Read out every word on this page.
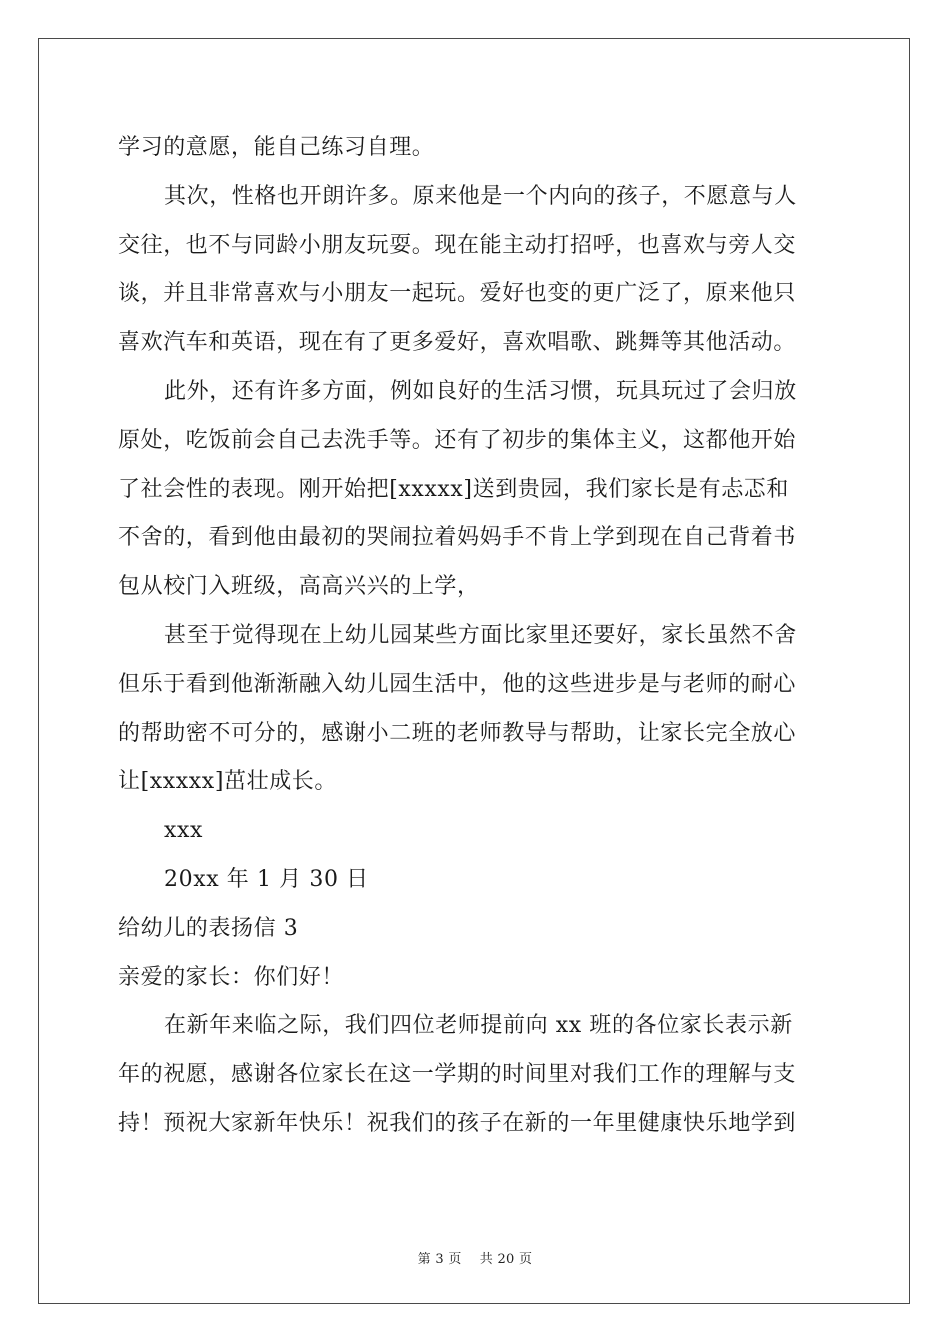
学习的意愿，能自己练习自理。
其次，性格也开朗许多。原来他是一个内向的孩子，不愿意与人
交往，也不与同龄小朋友玩耍。现在能主动打招呼，也喜欢与旁人交
谈，并且非常喜欢与小朋友一起玩。爱好也变的更广泛了，原来他只
喜欢汽车和英语，现在有了更多爱好，喜欢唱歌、跳舞等其他活动。
此外，还有许多方面，例如良好的生活习惯，玩具玩过了会归放
原处，吃饭前会自己去洗手等。还有了初步的集体主义，这都他开始
了社会性的表现。刚开始把[xxxxx]送到贵园，我们家长是有忐忑和
不舍的，看到他由最初的哭闹拉着妈妈手不肯上学到现在自己背着书
包从校门入班级，高高兴兴的上学，
甚至于觉得现在上幼儿园某些方面比家里还要好，家长虽然不舍
但乐于看到他渐渐融入幼儿园生活中，他的这些进步是与老师的耐心
的帮助密不可分的，感谢小二班的老师教导与帮助，让家长完全放心
让[xxxxx]茁壮成长。
xxx
20xx 年 1 月 30 日
给幼儿的表扬信 3
亲爱的家长：你们好！
在新年来临之际，我们四位老师提前向 xx 班的各位家长表示新
年的祝愿，感谢各位家长在这一学期的时间里对我们工作的理解与支
持！预祝大家新年快乐！祝我们的孩子在新的一年里健康快乐地学到
第 3 页 共 20 页
